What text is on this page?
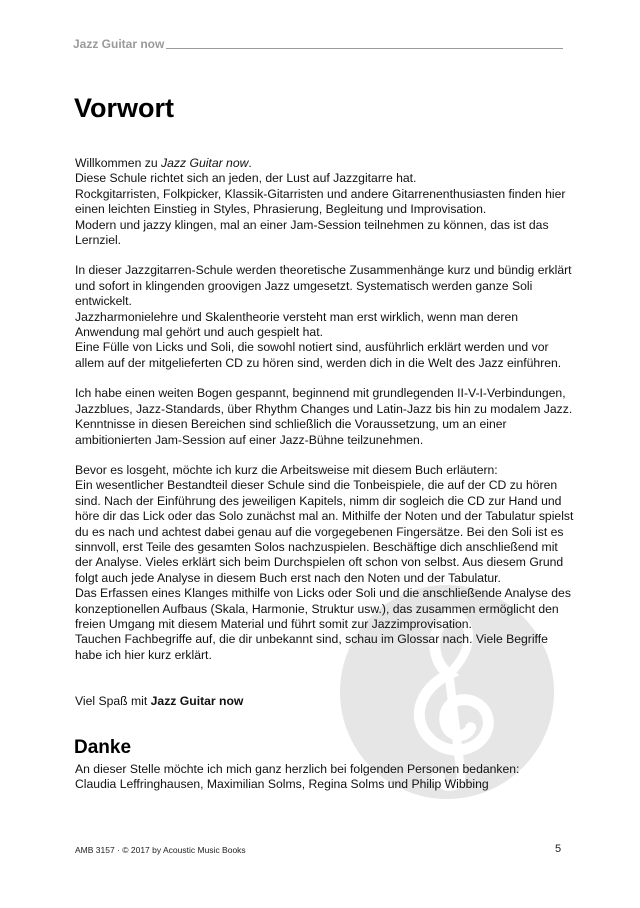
Jazz Guitar now
Vorwort
Willkommen zu Jazz Guitar now.
Diese Schule richtet sich an jeden, der Lust auf Jazzgitarre hat.
Rockgitarristen, Folkpicker, Klassik-Gitarristen und andere Gitarrenenthusiasten finden hier einen leichten Einstieg in Styles, Phrasierung, Begleitung und Improvisation.
Modern und jazzy klingen, mal an einer Jam-Session teilnehmen zu können, das ist das Lernziel.
In dieser Jazzgitarren-Schule werden theoretische Zusammenhänge kurz und bündig erklärt und sofort in klingenden groovigen Jazz umgesetzt. Systematisch werden ganze Soli entwickelt.
Jazzharmonielehre und Skalentheorie versteht man erst wirklich, wenn man deren Anwendung mal gehört und auch gespielt hat.
Eine Fülle von Licks und Soli, die sowohl notiert sind, ausführlich erklärt werden und vor allem auf der mitgelieferten CD zu hören sind, werden dich in die Welt des Jazz einführen.
Ich habe einen weiten Bogen gespannt, beginnend mit grundlegenden II-V-I-Verbindungen, Jazzblues, Jazz-Standards, über Rhythm Changes und Latin-Jazz bis hin zu modalem Jazz. Kenntnisse in diesen Bereichen sind schließlich die Voraussetzung, um an einer ambitionierten Jam-Session auf einer Jazz-Bühne teilzunehmen.
Bevor es losgeht, möchte ich kurz die Arbeitsweise mit diesem Buch erläutern:
Ein wesentlicher Bestandteil dieser Schule sind die Tonbeispiele, die auf der CD zu hören sind. Nach der Einführung des jeweiligen Kapitels, nimm dir sogleich die CD zur Hand und höre dir das Lick oder das Solo zunächst mal an. Mithilfe der Noten und der Tabulatur spielst du es nach und achtest dabei genau auf die vorgegebenen Fingersätze. Bei den Soli ist es sinnvoll, erst Teile des gesamten Solos nachzuspielen. Beschäftige dich anschließend mit der Analyse. Vieles erklärt sich beim Durchspielen oft schon von selbst. Aus diesem Grund folgt auch jede Analyse in diesem Buch erst nach den Noten und der Tabulatur.
Das Erfassen eines Klanges mithilfe von Licks oder Soli und die anschließende Analyse des konzeptionellen Aufbaus (Skala, Harmonie, Struktur usw.), das zusammen ermöglicht den freien Umgang mit diesem Material und führt somit zur Jazzimprovisation.
Tauchen Fachbegriffe auf, die dir unbekannt sind, schau im Glossar nach. Viele Begriffe habe ich hier kurz erklärt.
Viel Spaß mit Jazz Guitar now
Danke
An dieser Stelle möchte ich mich ganz herzlich bei folgenden Personen bedanken:
Claudia Leffringhausen, Maximilian Solms, Regina Solms und Philip Wibbing
AMB 3157 · © 2017 by Acoustic Music Books	5
